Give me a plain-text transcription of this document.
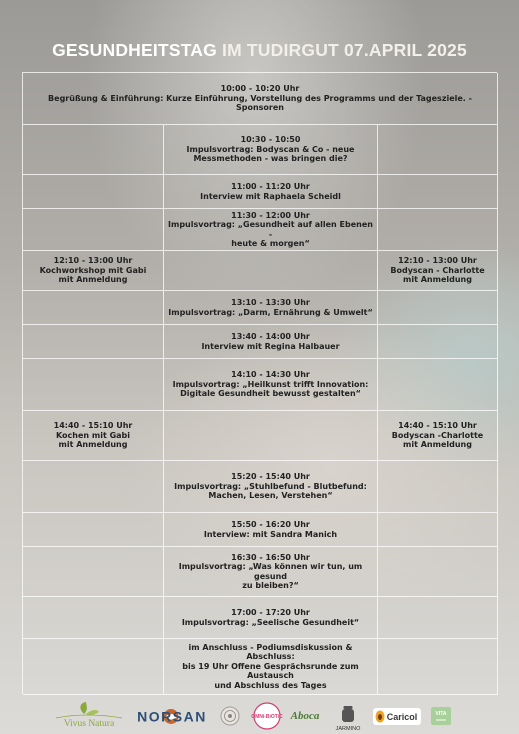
GESUNDHEITSTAG IM TUDIRGUT 07.APRIL 2025
10:00 - 10:20 Uhr
Begrüßung & Einführung: Kurze Einführung, Vorstellung des Programms und der Tagesziele. - Sponsoren
10:30 - 10:50
Impulsvortrag: Bodyscan & Co - neue
Messmethoden - was bringen die?
11:00 - 11:20 Uhr
Interview mit Raphaela Scheidl
11:30 - 12:00 Uhr
Impulsvortrag: „Gesundheit auf allen Ebenen -
heute & morgen“
12:10 - 13:00 Uhr
Kochworkshop mit Gabi
mit Anmeldung
12:10 - 13:00 Uhr
Bodyscan - Charlotte
mit Anmeldung
13:10 - 13:30 Uhr
Impulsvortrag: „Darm, Ernährung & Umwelt“
13:40 - 14:00 Uhr
Interview mit Regina Halbauer
14:10 - 14:30 Uhr
Impulsvortrag: „Heilkunst trifft Innovation:
Digitale Gesundheit bewusst gestalten“
14:40 - 15:10 Uhr
Kochen mit Gabi
mit Anmeldung
14:40 - 15:10 Uhr
Bodyscan -Charlotte
mit Anmeldung
15:20 - 15:40 Uhr
Impulsvortrag: „Stuhlbefund - Blutbefund:
Machen, Lesen, Verstehen“
15:50 - 16:20 Uhr
Interview: mit Sandra Manich
16:30 - 16:50 Uhr
Impulsvortrag: „Was können wir tun, um gesund
zu bleiben?“
17:00 - 17:20 Uhr
Impulsvortrag: „Seelische Gesundheit“
im Anschluss - Podiumsdiskussion & Abschluss:
bis 19 Uhr Offene Gesprächsrunde zum Austausch
und Abschluss des Tages
Vivus Natura NORSAN	OMNi-BiOTiC Aboca
JARMINO
Caricol	VITA
